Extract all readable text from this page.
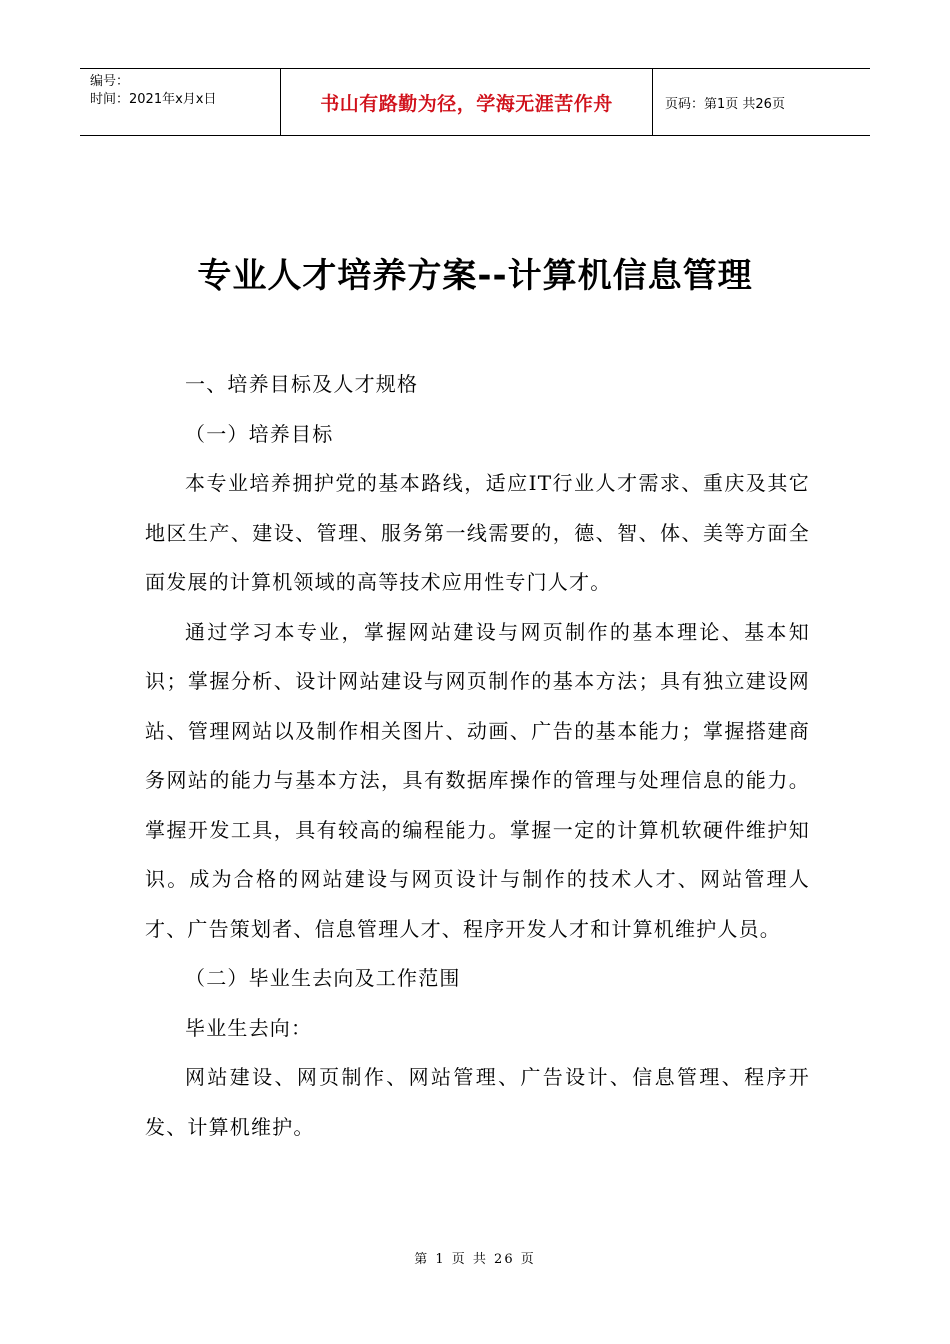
编号：
时间：2021年x月x日	书山有路勤为径，学海无涯苦作舟	页码：第1页 共26页
专业人才培养方案--计算机信息管理

一、培养目标及人才规格

（一）培养目标

本专业培养拥护党的基本路线，适应IT行业人才需求、重庆及其它地区生产、建设、管理、服务第一线需要的，德、智、体、美等方面全面发展的计算机领域的高等技术应用性专门人才。

通过学习本专业，掌握网站建设与网页制作的基本理论、基本知识；掌握分析、设计网站建设与网页制作的基本方法；具有独立建设网站、管理网站以及制作相关图片、动画、广告的基本能力；掌握搭建商务网站的能力与基本方法，具有数据库操作的管理与处理信息的能力。掌握开发工具，具有较高的编程能力。掌握一定的计算机软硬件维护知识。成为合格的网站建设与网页设计与制作的技术人才、网站管理人才、广告策划者、信息管理人才、程序开发人才和计算机维护人员。

（二）毕业生去向及工作范围

毕业生去向：

网站建设、网页制作、网站管理、广告设计、信息管理、程序开发、计算机维护。

第 1 页 共 26 页
